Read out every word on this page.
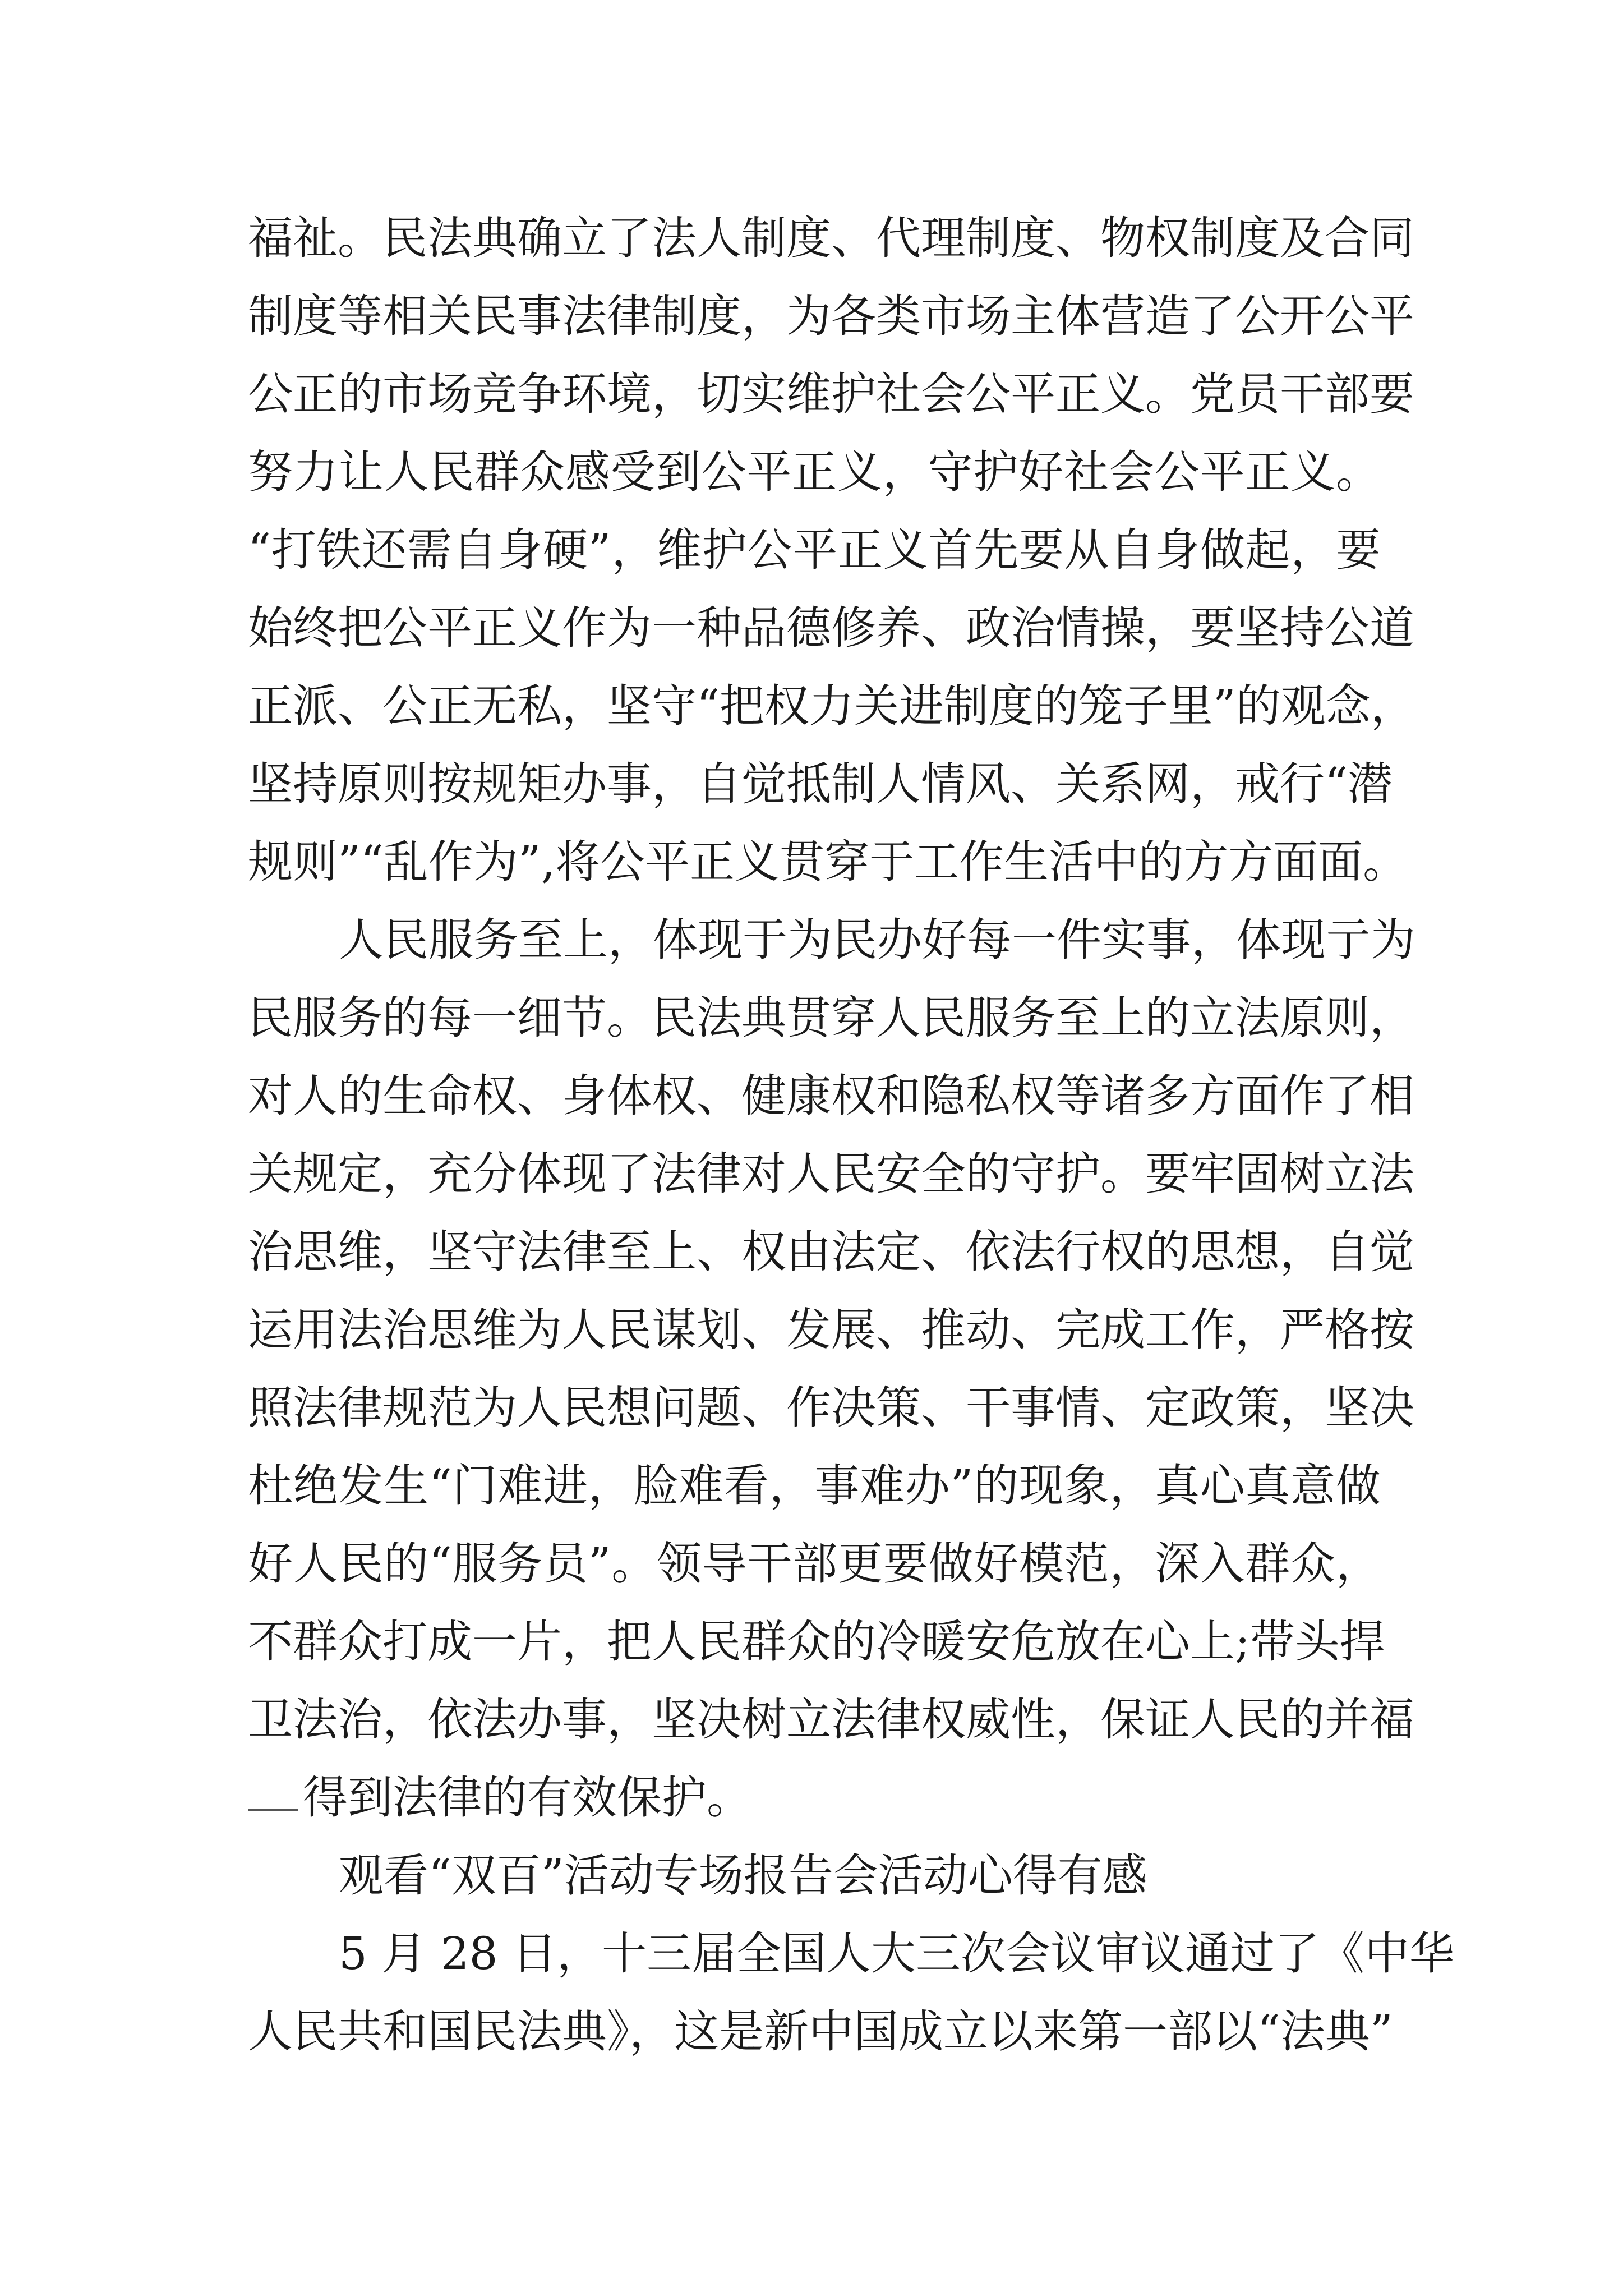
福祉。民法典确立了法人制度、代理制度、物权制度及合同
制度等相关民事法律制度，为各类市场主体营造了公开公平
公正的市场竞争环境，切实维护社会公平正义。党员干部要
努力让人民群众感受到公平正义，守护好社会公平正义。
“打铁还需自身硬”，维护公平正义首先要从自身做起，要
始终把公平正义作为一种品德修养、政治情操，要坚持公道
正派、公正无私，坚守“把权力关进制度的笼子里”的观念，
坚持原则按规矩办事，自觉抵制人情风、关系网，戒行“潜
规则”“乱作为”,将公平正义贯穿于工作生活中的方方面面。
人民服务至上，体现于为民办好每一件实事，体现亍为
民服务的每一细节。民法典贯穿人民服务至上的立法原则，
对人的生命权、身体权、健康权和隐私权等诸多方面作了相
关规定，充分体现了法律对人民安全的守护。要牢固树立法
治思维，坚守法律至上、权由法定、依法行权的思想，自觉
运用法治思维为人民谋划、发展、推动、完成工作，严格按
照法律规范为人民想问题、作决策、干事情、定政策，坚决
杜绝发生“门难进，脸难看，事难办”的现象，真心真意做
好人民的“服务员”。领导干部更要做好模范，深入群众，
不群众打成一片，把人民群众的冷暖安危放在心上;带头捍
卫法治，依法办事，坚决树立法律权威性，保证人民的并福
得到法律的有效保护。
观看“双百”活动专场报告会活动心得有感
5 月 28 日，十三届全国人大三次会议审议通过了《中华
人民共和国民法典》，这是新中国成立以来第一部以“法典”
